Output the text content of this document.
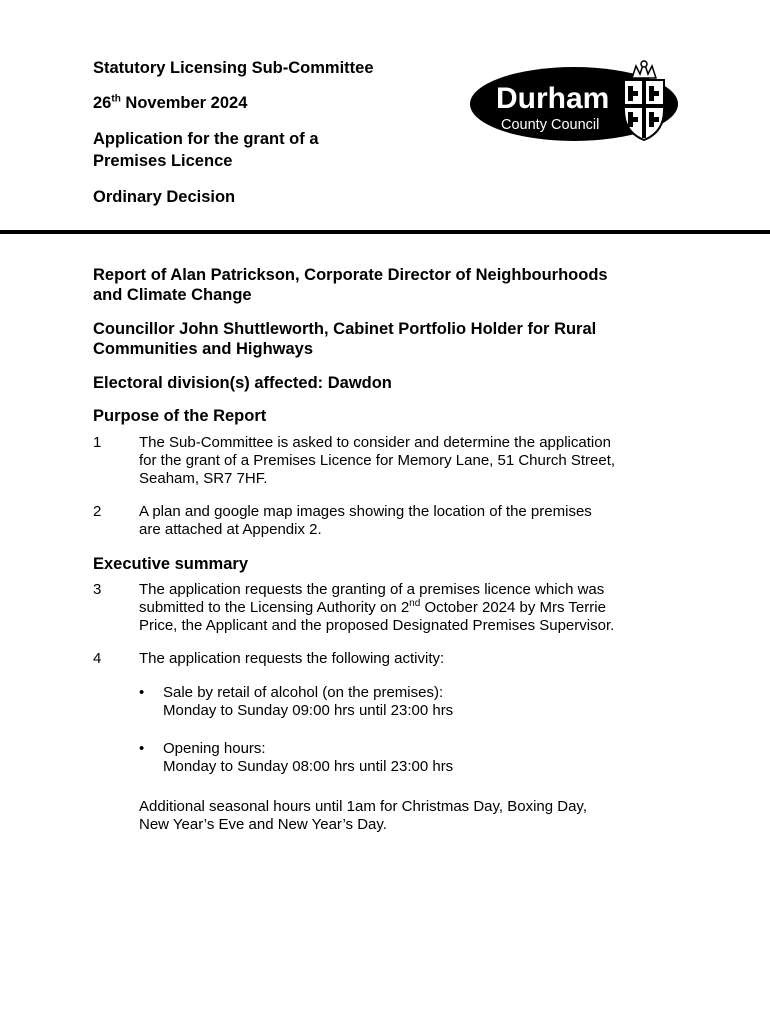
Statutory Licensing Sub-Committee
26th November 2024
Application for the grant of a
Premises Licence
Ordinary Decision
Durham
County Council
Report of Alan Patrickson, Corporate Director of Neighbourhoods
and Climate Change
Councillor John Shuttleworth, Cabinet Portfolio Holder for Rural
Communities and Highways
Electoral division(s) affected: Dawdon
Purpose of the Report
1	The Sub-Committee is asked to consider and determine the application
for the grant of a Premises Licence for Memory Lane, 51 Church Street,
Seaham, SR7 7HF.
2	A plan and google map images showing the location of the premises
are attached at Appendix 2.
Executive summary
3	The application requests the granting of a premises licence which was
submitted to the Licensing Authority on 2nd October 2024 by Mrs Terrie
Price, the Applicant and the proposed Designated Premises Supervisor.
4	The application requests the following activity:
• Sale by retail of alcohol (on the premises):
Monday to Sunday 09:00 hrs until 23:00 hrs
• Opening hours:
Monday to Sunday 08:00 hrs until 23:00 hrs
Additional seasonal hours until 1am for Christmas Day, Boxing Day,
New Year’s Eve and New Year’s Day.
